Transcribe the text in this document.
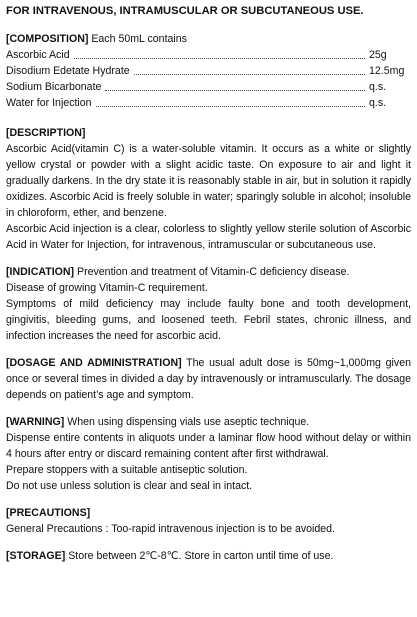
FOR INTRAVENOUS, INTRAMUSCULAR OR SUBCUTANEOUS USE.
[COMPOSITION] Each 50mL contains
Ascorbic Acid	25g
Disodium Edetate Hydrate	12.5mg
Sodium Bicarbonate	q.s.
Water for Injection	q.s.
[DESCRIPTION]

Ascorbic Acid(vitamin C) is a water-soluble vitamin. It occurs as a white or slightly yellow crystal or powder with a slight acidic taste. On exposure to air and light it gradually darkens. In the dry state it is reasonably stable in air, but in solution it rapidly oxidizes. Ascorbic Acid is freely soluble in water; sparingly soluble in alcohol; insoluble in chloroform, ether, and benzene.

Ascorbic Acid injection is a clear, colorless to slightly yellow sterile solution of Ascorbic Acid in Water for Injection, for intravenous, intramuscular or subcutaneous use.

[INDICATION] Prevention and treatment of Vitamin-C deficiency disease.
Disease of growing Vitamin-C requirement.

Symptoms of mild deficiency may include faulty bone and tooth development, gingivitis, bleeding gums, and loosened teeth. Febril states, chronic illness, and infection increases the need for ascorbic acid.

[DOSAGE AND ADMINISTRATION] The usual adult dose is 50mg~1,000mg given once or several times in divided a day by intravenously or intramuscularly. The dosage depends on patient’s age and symptom.

[WARNING] When using dispensing vials use aseptic technique.

Dispense entire contents in aliquots under a laminar flow hood without delay or within 4 hours after entry or discard remaining content after first withdrawal.

Prepare stoppers with a suitable antiseptic solution.
Do not use unless solution is clear and seal in intact.
[PRECAUTIONS]
General Precautions : Too-rapid intravenous injection is to be avoided.
[STORAGE] Store between 2℃-8℃. Store in carton until time of use.
